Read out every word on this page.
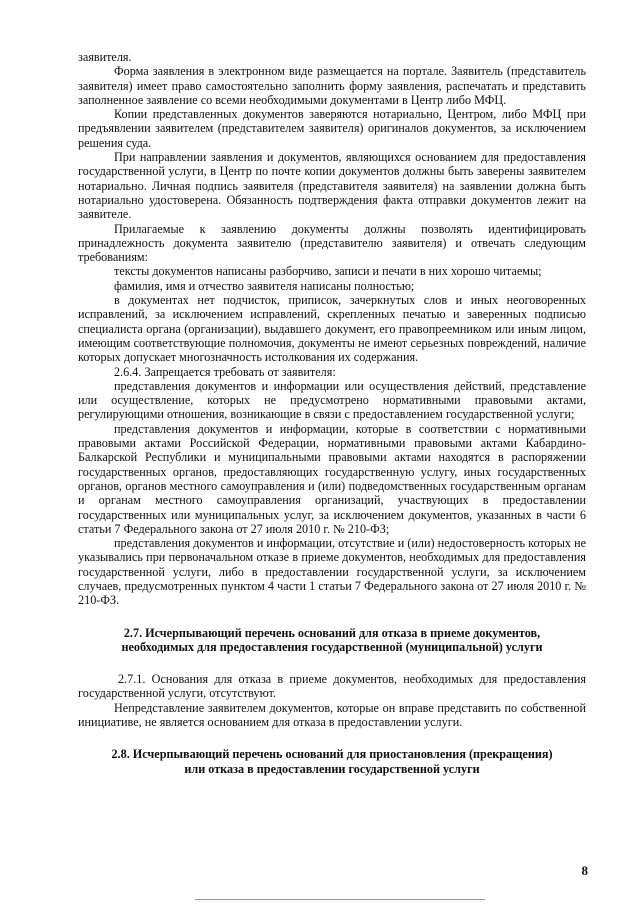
заявителя.

Форма заявления в электронном виде размещается на портале. Заявитель (представитель заявителя) имеет право самостоятельно заполнить форму заявления, распечатать и представить заполненное заявление со всеми необходимыми документами в Центр либо МФЦ.

Копии представленных документов заверяются нотариально, Центром, либо МФЦ при предъявлении заявителем (представителем заявителя) оригиналов документов, за исключением решения суда.

При направлении заявления и документов, являющихся основанием для предоставления государственной услуги, в Центр по почте копии документов должны быть заверены заявителем нотариально. Личная подпись заявителя (представителя заявителя) на заявлении должна быть нотариально удостоверена. Обязанность подтверждения факта отправки документов лежит на заявителе.

Прилагаемые к заявлению документы должны позволять идентифицировать принадлежность документа заявителю (представителю заявителя) и отвечать следующим требованиям:

тексты документов написаны разборчиво, записи и печати в них хорошо читаемы;

фамилия, имя и отчество заявителя написаны полностью;

в документах нет подчисток, приписок, зачеркнутых слов и иных неоговоренных исправлений, за исключением исправлений, скрепленных печатью и заверенных подписью специалиста органа (организации), выдавшего документ, его правопреемником или иным лицом, имеющим соответствующие полномочия, документы не имеют серьезных повреждений, наличие которых допускает многозначность истолкования их содержания.

2.6.4. Запрещается требовать от заявителя:

представления документов и информации или осуществления действий, представление или осуществление, которых не предусмотрено нормативными правовыми актами, регулирующими отношения, возникающие в связи с предоставлением государственной услуги;

представления документов и информации, которые в соответствии с нормативными правовыми актами Российской Федерации, нормативными правовыми актами Кабардино-Балкарской Республики и муниципальными правовыми актами находятся в распоряжении государственных органов, предоставляющих государственную услугу, иных государственных органов, органов местного самоуправления и (или) подведомственных государственным органам и органам местного самоуправления организаций, участвующих в предоставлении государственных или муниципальных услуг, за исключением документов, указанных в части 6 статьи 7 Федерального закона от 27 июля 2010 г. № 210-ФЗ;

представления документов и информации, отсутствие и (или) недостоверность которых не указывались при первоначальном отказе в приеме документов, необходимых для предоставления государственной услуги, либо в предоставлении государственной услуги, за исключением случаев, предусмотренных пунктом 4 части 1 статьи 7 Федерального закона от 27 июля 2010 г. № 210-ФЗ.

2.7. Исчерпывающий перечень оснований для отказа в приеме документов,
необходимых для предоставления государственной (муниципальной) услуги

2.7.1. Основания для отказа в приеме документов, необходимых для предоставления государственной услуги, отсутствуют.

Непредставление заявителем документов, которые он вправе представить по собственной инициативе, не является основанием для отказа в предоставлении услуги.

2.8. Исчерпывающий перечень оснований для приостановления (прекращения)
или отказа в предоставлении государственной услуги
8
